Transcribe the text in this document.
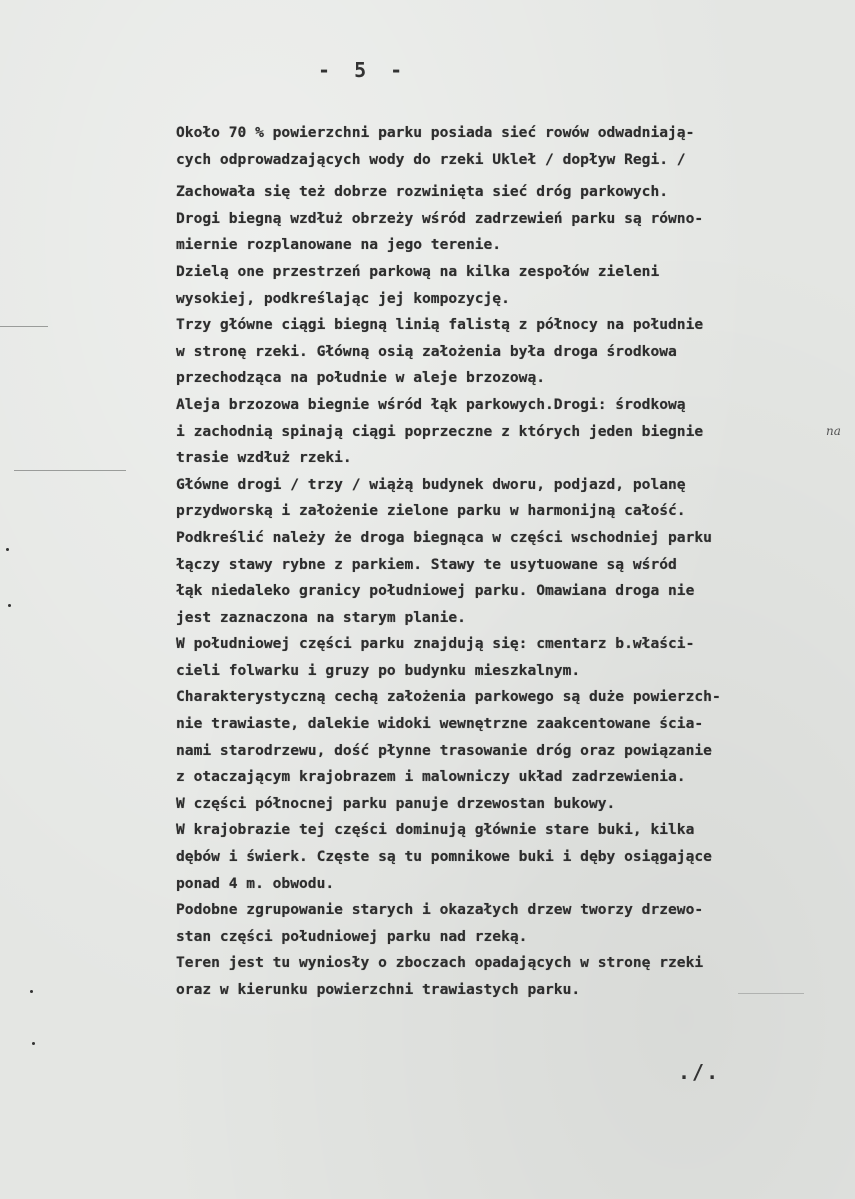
- 5 -
Około 70 % powierzchni parku posiada sieć rowów odwadniają-
cych odprowadzających wody do rzeki Ukleł / dopływ Regi. /
Zachowała się też dobrze rozwinięta sieć dróg parkowych.
Drogi biegną wzdłuż obrzeży wśród zadrzewień parku są równo-
miernie rozplanowane na jego terenie.
Dzielą one przestrzeń parkową na kilka zespołów zieleni
wysokiej, podkreślając jej kompozycję.
Trzy główne ciągi biegną linią falistą z północy na południe
w stronę rzeki. Główną osią założenia była droga środkowa
przechodząca na południe w aleje brzozową.
Aleja brzozowa biegnie wśród łąk parkowych.Drogi: środkową
i zachodnią spinają ciągi poprzeczne z których jeden biegnie
trasie wzdłuż rzeki.
Główne drogi / trzy / wiążą budynek dworu, podjazd, polanę
przydworską i założenie zielone parku w harmonijną całość.
Podkreślić należy że droga biegnąca w części wschodniej parku
łączy stawy rybne z parkiem. Stawy te usytuowane są wśród
łąk niedaleko granicy południowej parku. Omawiana droga nie
jest zaznaczona na starym planie.
W południowej części parku znajdują się: cmentarz b.właści-
cieli folwarku i gruzy po budynku mieszkalnym.
Charakterystyczną cechą założenia parkowego są duże powierzch-
nie trawiaste, dalekie widoki wewnętrzne zaakcentowane ścia-
nami starodrzewu, dość płynne trasowanie dróg oraz powiązanie
z otaczającym krajobrazem i malowniczy układ zadrzewienia.
W części północnej parku panuje drzewostan bukowy.
W krajobrazie tej części dominują głównie stare buki, kilka
dębów i świerk. Częste są tu pomnikowe buki i dęby osiągające
ponad 4 m. obwodu.
Podobne zgrupowanie starych i okazałych drzew tworzy drzewo-
stan części południowej parku nad rzeką.
Teren jest tu wyniosły o zboczach opadających w stronę rzeki
oraz w kierunku powierzchni trawiastych parku.
na
./.
